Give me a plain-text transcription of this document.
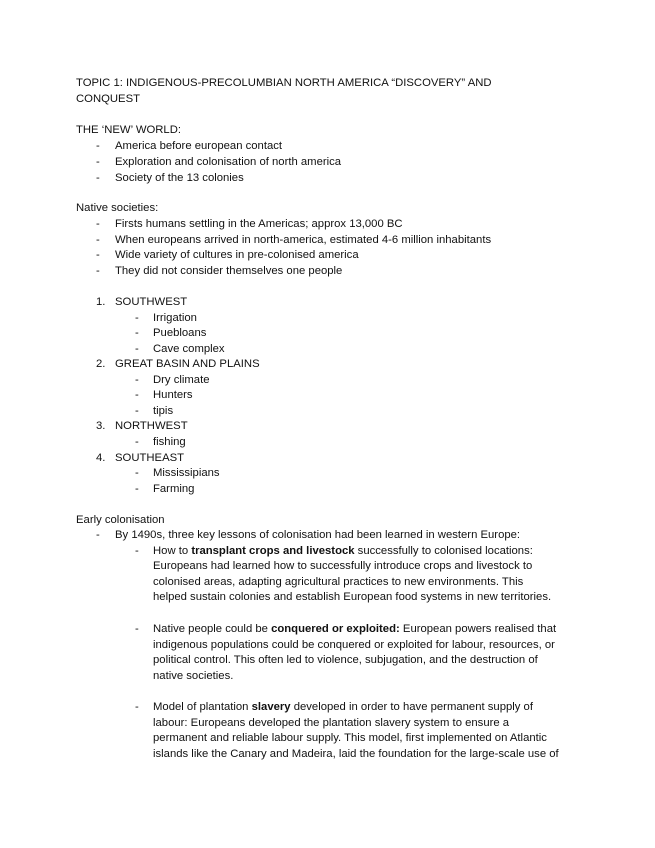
TOPIC 1: INDIGENOUS-PRECOLUMBIAN NORTH AMERICA “DISCOVERY” AND
CONQUEST
THE ‘NEW’ WORLD:
- America before european contact
- Exploration and colonisation of north america
- Society of the 13 colonies
Native societies:
- Firsts humans settling in the Americas; approx 13,000 BC
- When europeans arrived in north-america, estimated 4-6 million inhabitants
- Wide variety of cultures in pre-colonised america
- They did not consider themselves one people
1. SOUTHWEST
- Irrigation
- Puebloans
- Cave complex
2. GREAT BASIN AND PLAINS
- Dry climate
- Hunters
- tipis
3. NORTHWEST
- fishing
4. SOUTHEAST
- Mississipians
- Farming
Early colonisation
- By 1490s, three key lessons of colonisation had been learned in western Europe:
- How to transplant crops and livestock successfully to colonised locations:
Europeans had learned how to successfully introduce crops and livestock to
colonised areas, adapting agricultural practices to new environments. This
helped sustain colonies and establish European food systems in new territories.
- Native people could be conquered or exploited: European powers realised that
indigenous populations could be conquered or exploited for labour, resources, or
political control. This often led to violence, subjugation, and the destruction of
native societies.
- Model of plantation slavery developed in order to have permanent supply of
labour: Europeans developed the plantation slavery system to ensure a
permanent and reliable labour supply. This model, first implemented on Atlantic
islands like the Canary and Madeira, laid the foundation for the large-scale use of
